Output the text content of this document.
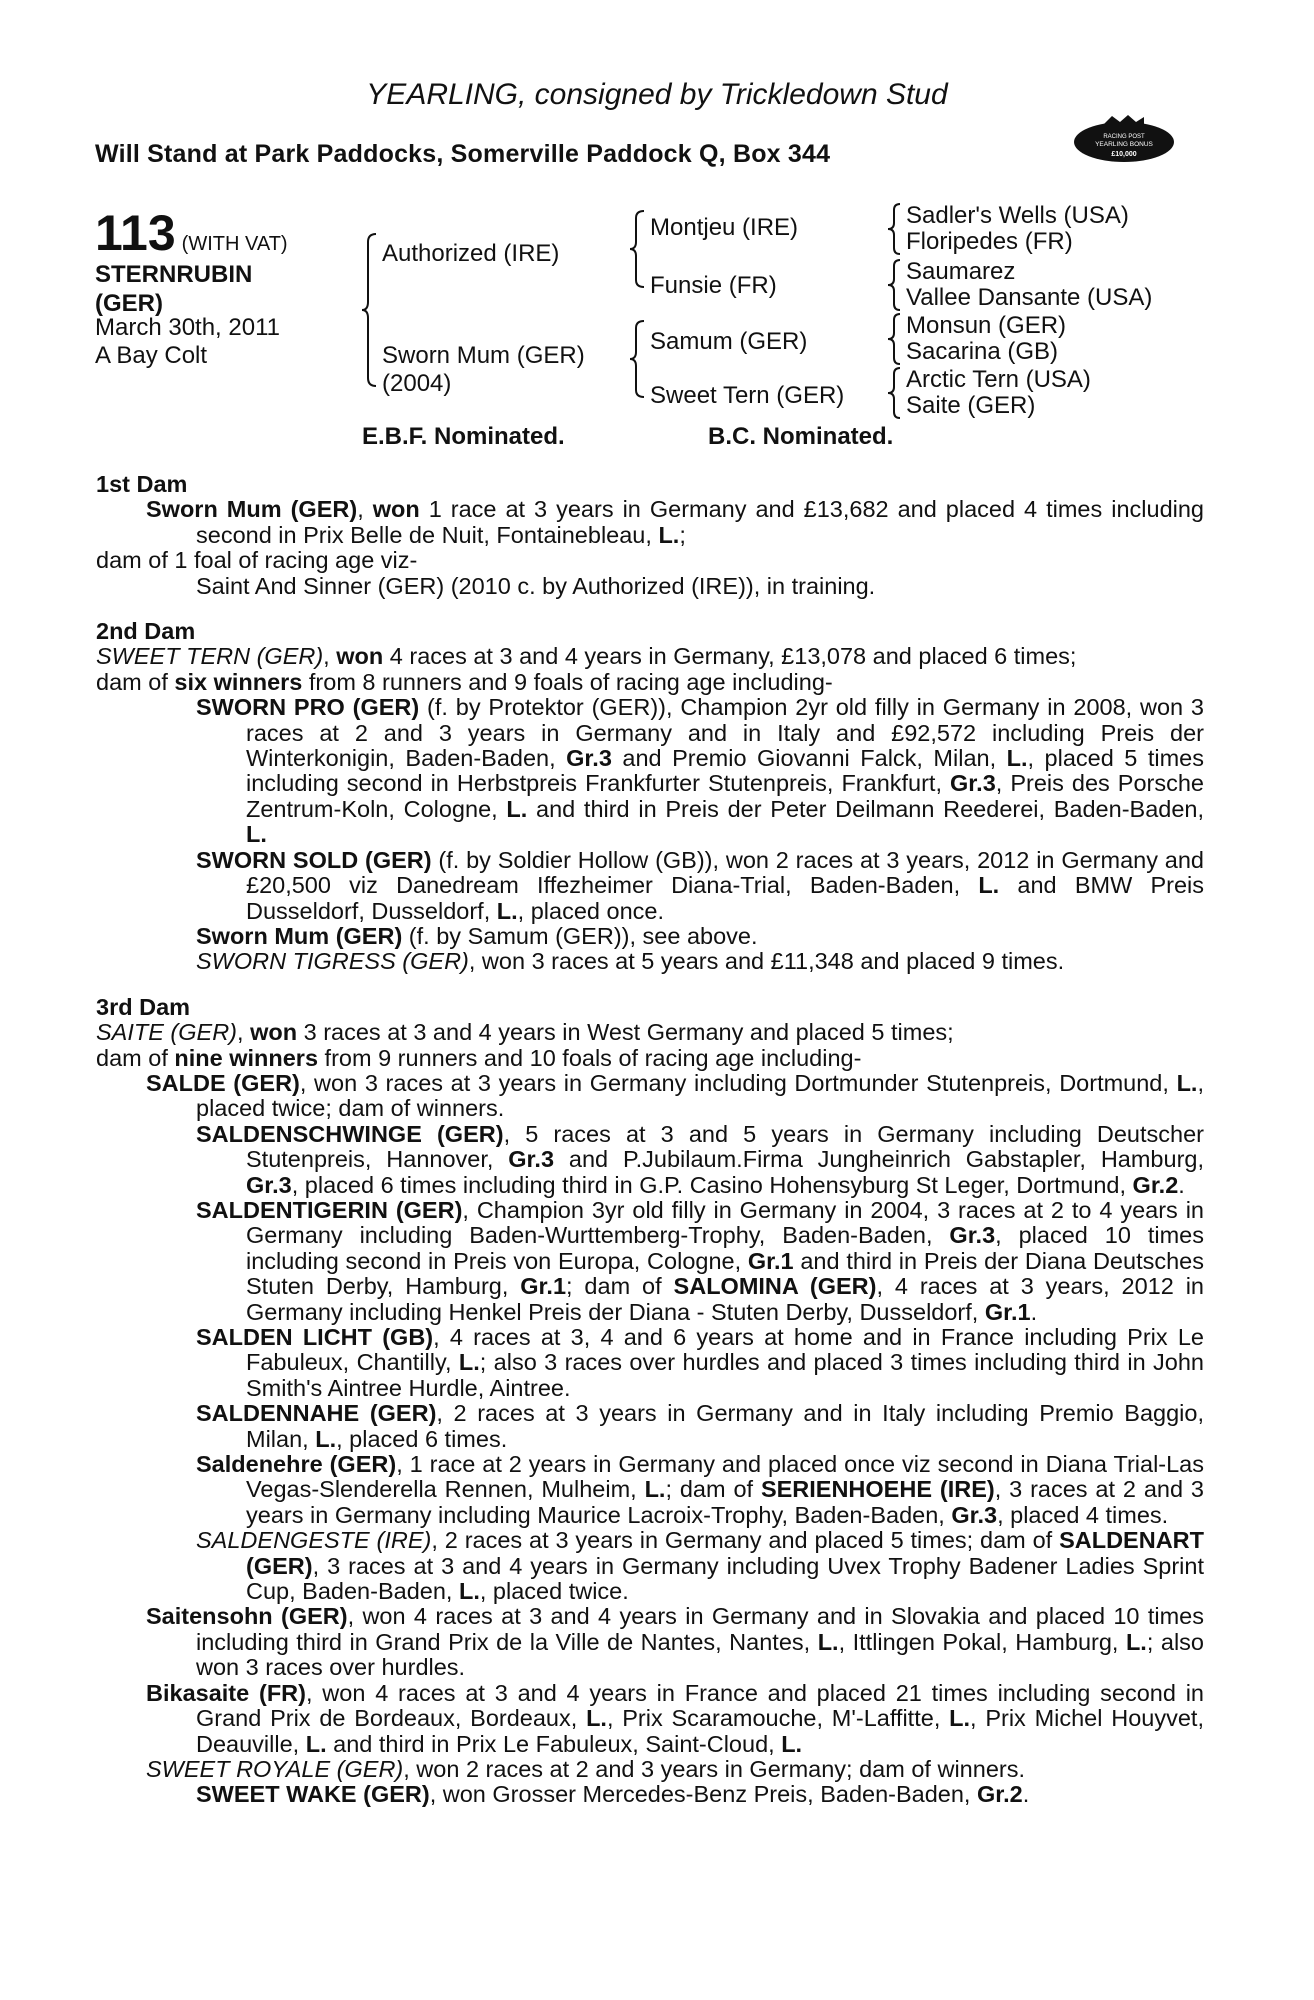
YEARLING, consigned by Trickledown Stud
Will Stand at Park Paddocks, Somerville Paddock Q, Box 344
RACING POST
YEARLING BONUS
£10,000
113 (WITH VAT)
STERNRUBIN
(GER)
March 30th, 2011
A Bay Colt
Authorized (IRE)
Sworn Mum (GER)
(2004)
Montjeu (IRE)
Funsie (FR)
Samum (GER)
Sweet Tern (GER)
Sadler's Wells (USA)
Floripedes (FR)
Saumarez
Vallee Dansante (USA)
Monsun (GER)
Sacarina (GB)
Arctic Tern (USA)
Saite (GER)
E.B.F. Nominated.	B.C. Nominated.

1st Dam

Sworn Mum (GER), won 1 race at 3 years in Germany and £13,682 and placed 4 times including second in Prix Belle de Nuit, Fontainebleau, L.;

dam of 1 foal of racing age viz-

Saint And Sinner (GER) (2010 c. by Authorized (IRE)), in training.

2nd Dam

SWEET TERN (GER), won 4 races at 3 and 4 years in Germany, £13,078 and placed 6 times;

dam of six winners from 8 runners and 9 foals of racing age including-

SWORN PRO (GER) (f. by Protektor (GER)), Champion 2yr old filly in Germany in 2008, won 3 races at 2 and 3 years in Germany and in Italy and £92,572 including Preis der Winterkonigin, Baden-Baden, Gr.3 and Premio Giovanni Falck, Milan, L., placed 5 times including second in Herbstpreis Frankfurter Stutenpreis, Frankfurt, Gr.3, Preis des Porsche Zentrum-Koln, Cologne, L. and third in Preis der Peter Deilmann Reederei, Baden-Baden, L.

SWORN SOLD (GER) (f. by Soldier Hollow (GB)), won 2 races at 3 years, 2012 in Germany and £20,500 viz Danedream Iffezheimer Diana-Trial, Baden-Baden, L. and BMW Preis Dusseldorf, Dusseldorf, L., placed once.

Sworn Mum (GER) (f. by Samum (GER)), see above.

SWORN TIGRESS (GER), won 3 races at 5 years and £11,348 and placed 9 times.

3rd Dam

SAITE (GER), won 3 races at 3 and 4 years in West Germany and placed 5 times;

dam of nine winners from 9 runners and 10 foals of racing age including-

SALDE (GER), won 3 races at 3 years in Germany including Dortmunder Stutenpreis, Dortmund, L., placed twice; dam of winners.

SALDENSCHWINGE (GER), 5 races at 3 and 5 years in Germany including Deutscher Stutenpreis, Hannover, Gr.3 and P.Jubilaum.Firma Jungheinrich Gabstapler, Hamburg, Gr.3, placed 6 times including third in G.P. Casino Hohensyburg St Leger, Dortmund, Gr.2.

SALDENTIGERIN (GER), Champion 3yr old filly in Germany in 2004, 3 races at 2 to 4 years in Germany including Baden-Wurttemberg-Trophy, Baden-Baden, Gr.3, placed 10 times including second in Preis von Europa, Cologne, Gr.1 and third in Preis der Diana Deutsches Stuten Derby, Hamburg, Gr.1; dam of SALOMINA (GER), 4 races at 3 years, 2012 in Germany including Henkel Preis der Diana - Stuten Derby, Dusseldorf, Gr.1.

SALDEN LICHT (GB), 4 races at 3, 4 and 6 years at home and in France including Prix Le Fabuleux, Chantilly, L.; also 3 races over hurdles and placed 3 times including third in John Smith's Aintree Hurdle, Aintree.

SALDENNAHE (GER), 2 races at 3 years in Germany and in Italy including Premio Baggio, Milan, L., placed 6 times.

Saldenehre (GER), 1 race at 2 years in Germany and placed once viz second in Diana Trial-Las Vegas-Slenderella Rennen, Mulheim, L.; dam of SERIENHOEHE (IRE), 3 races at 2 and 3 years in Germany including Maurice Lacroix-Trophy, Baden-Baden, Gr.3, placed 4 times.

SALDENGESTE (IRE), 2 races at 3 years in Germany and placed 5 times; dam of SALDENART (GER), 3 races at 3 and 4 years in Germany including Uvex Trophy Badener Ladies Sprint Cup, Baden-Baden, L., placed twice.

Saitensohn (GER), won 4 races at 3 and 4 years in Germany and in Slovakia and placed 10 times including third in Grand Prix de la Ville de Nantes, Nantes, L., Ittlingen Pokal, Hamburg, L.; also won 3 races over hurdles.

Bikasaite (FR), won 4 races at 3 and 4 years in France and placed 21 times including second in Grand Prix de Bordeaux, Bordeaux, L., Prix Scaramouche, M'-Laffitte, L., Prix Michel Houyvet, Deauville, L. and third in Prix Le Fabuleux, Saint-Cloud, L.

SWEET ROYALE (GER), won 2 races at 2 and 3 years in Germany; dam of winners.

SWEET WAKE (GER), won Grosser Mercedes-Benz Preis, Baden-Baden, Gr.2.
